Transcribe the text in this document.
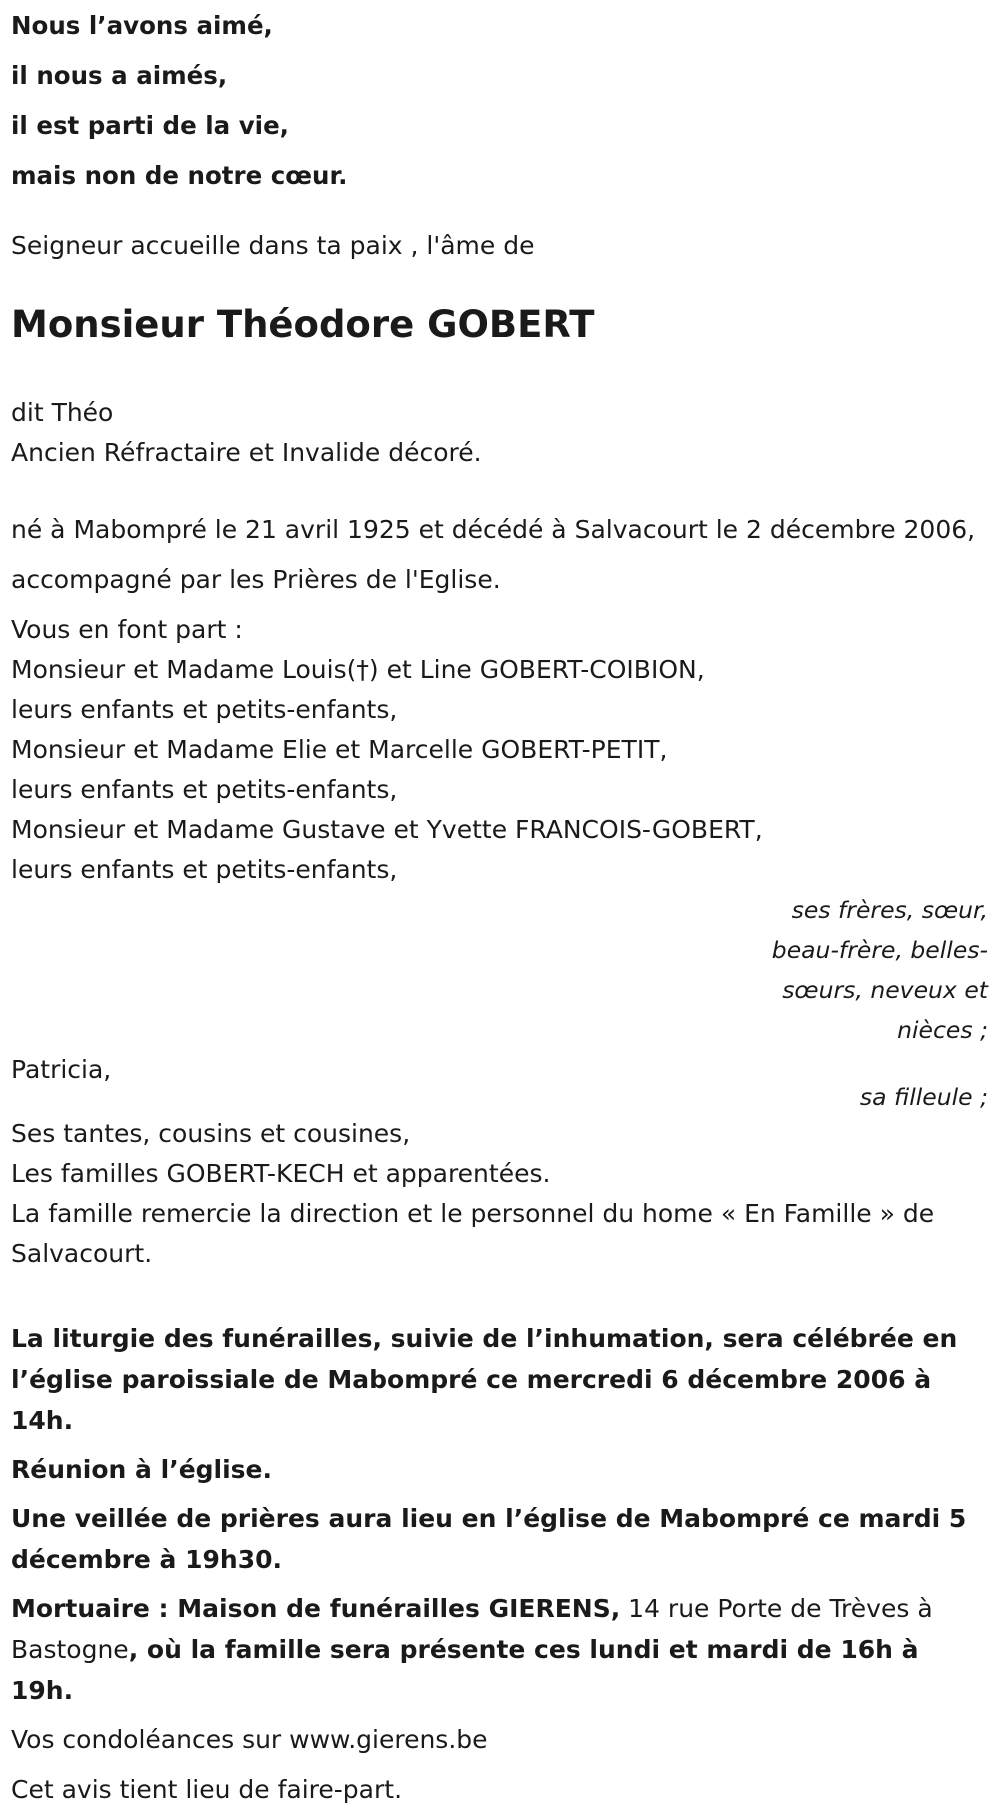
Nous l’avons aimé,
il nous a aimés,
il est parti de la vie,
mais non de notre cœur.
Seigneur accueille dans ta paix , l'âme de
Monsieur Théodore GOBERT
dit Théo
Ancien Réfractaire et Invalide décoré.
né à Mabompré le 21 avril 1925 et décédé à Salvacourt le 2 décembre 2006,
accompagné par les Prières de l'Eglise.
Vous en font part :
Monsieur et Madame Louis(†) et Line GOBERT-COIBION,
leurs enfants et petits-enfants,
Monsieur et Madame Elie et Marcelle GOBERT-PETIT,
leurs enfants et petits-enfants,
Monsieur et Madame Gustave et Yvette FRANCOIS-GOBERT,
leurs enfants et petits-enfants,
ses frères, sœur,
beau-frère, belles-
sœurs, neveux et
nièces ;
Patricia,
sa filleule ;
Ses tantes, cousins et cousines,
Les familles GOBERT-KECH et apparentées.
La famille remercie la direction et le personnel du home « En Famille » de Salvacourt.
La liturgie des funérailles, suivie de l’inhumation, sera célébrée en l’église paroissiale de Mabompré ce mercredi 6 décembre 2006 à 14h.
Réunion à l’église.
Une veillée de prières aura lieu en l’église de Mabompré ce mardi 5 décembre à 19h30.
Mortuaire : Maison de funérailles GIERENS, 14 rue Porte de Trèves à Bastogne, où la famille sera présente ces lundi et mardi de 16h à 19h.
Vos condoléances sur www.gierens.be
Cet avis tient lieu de faire-part.
